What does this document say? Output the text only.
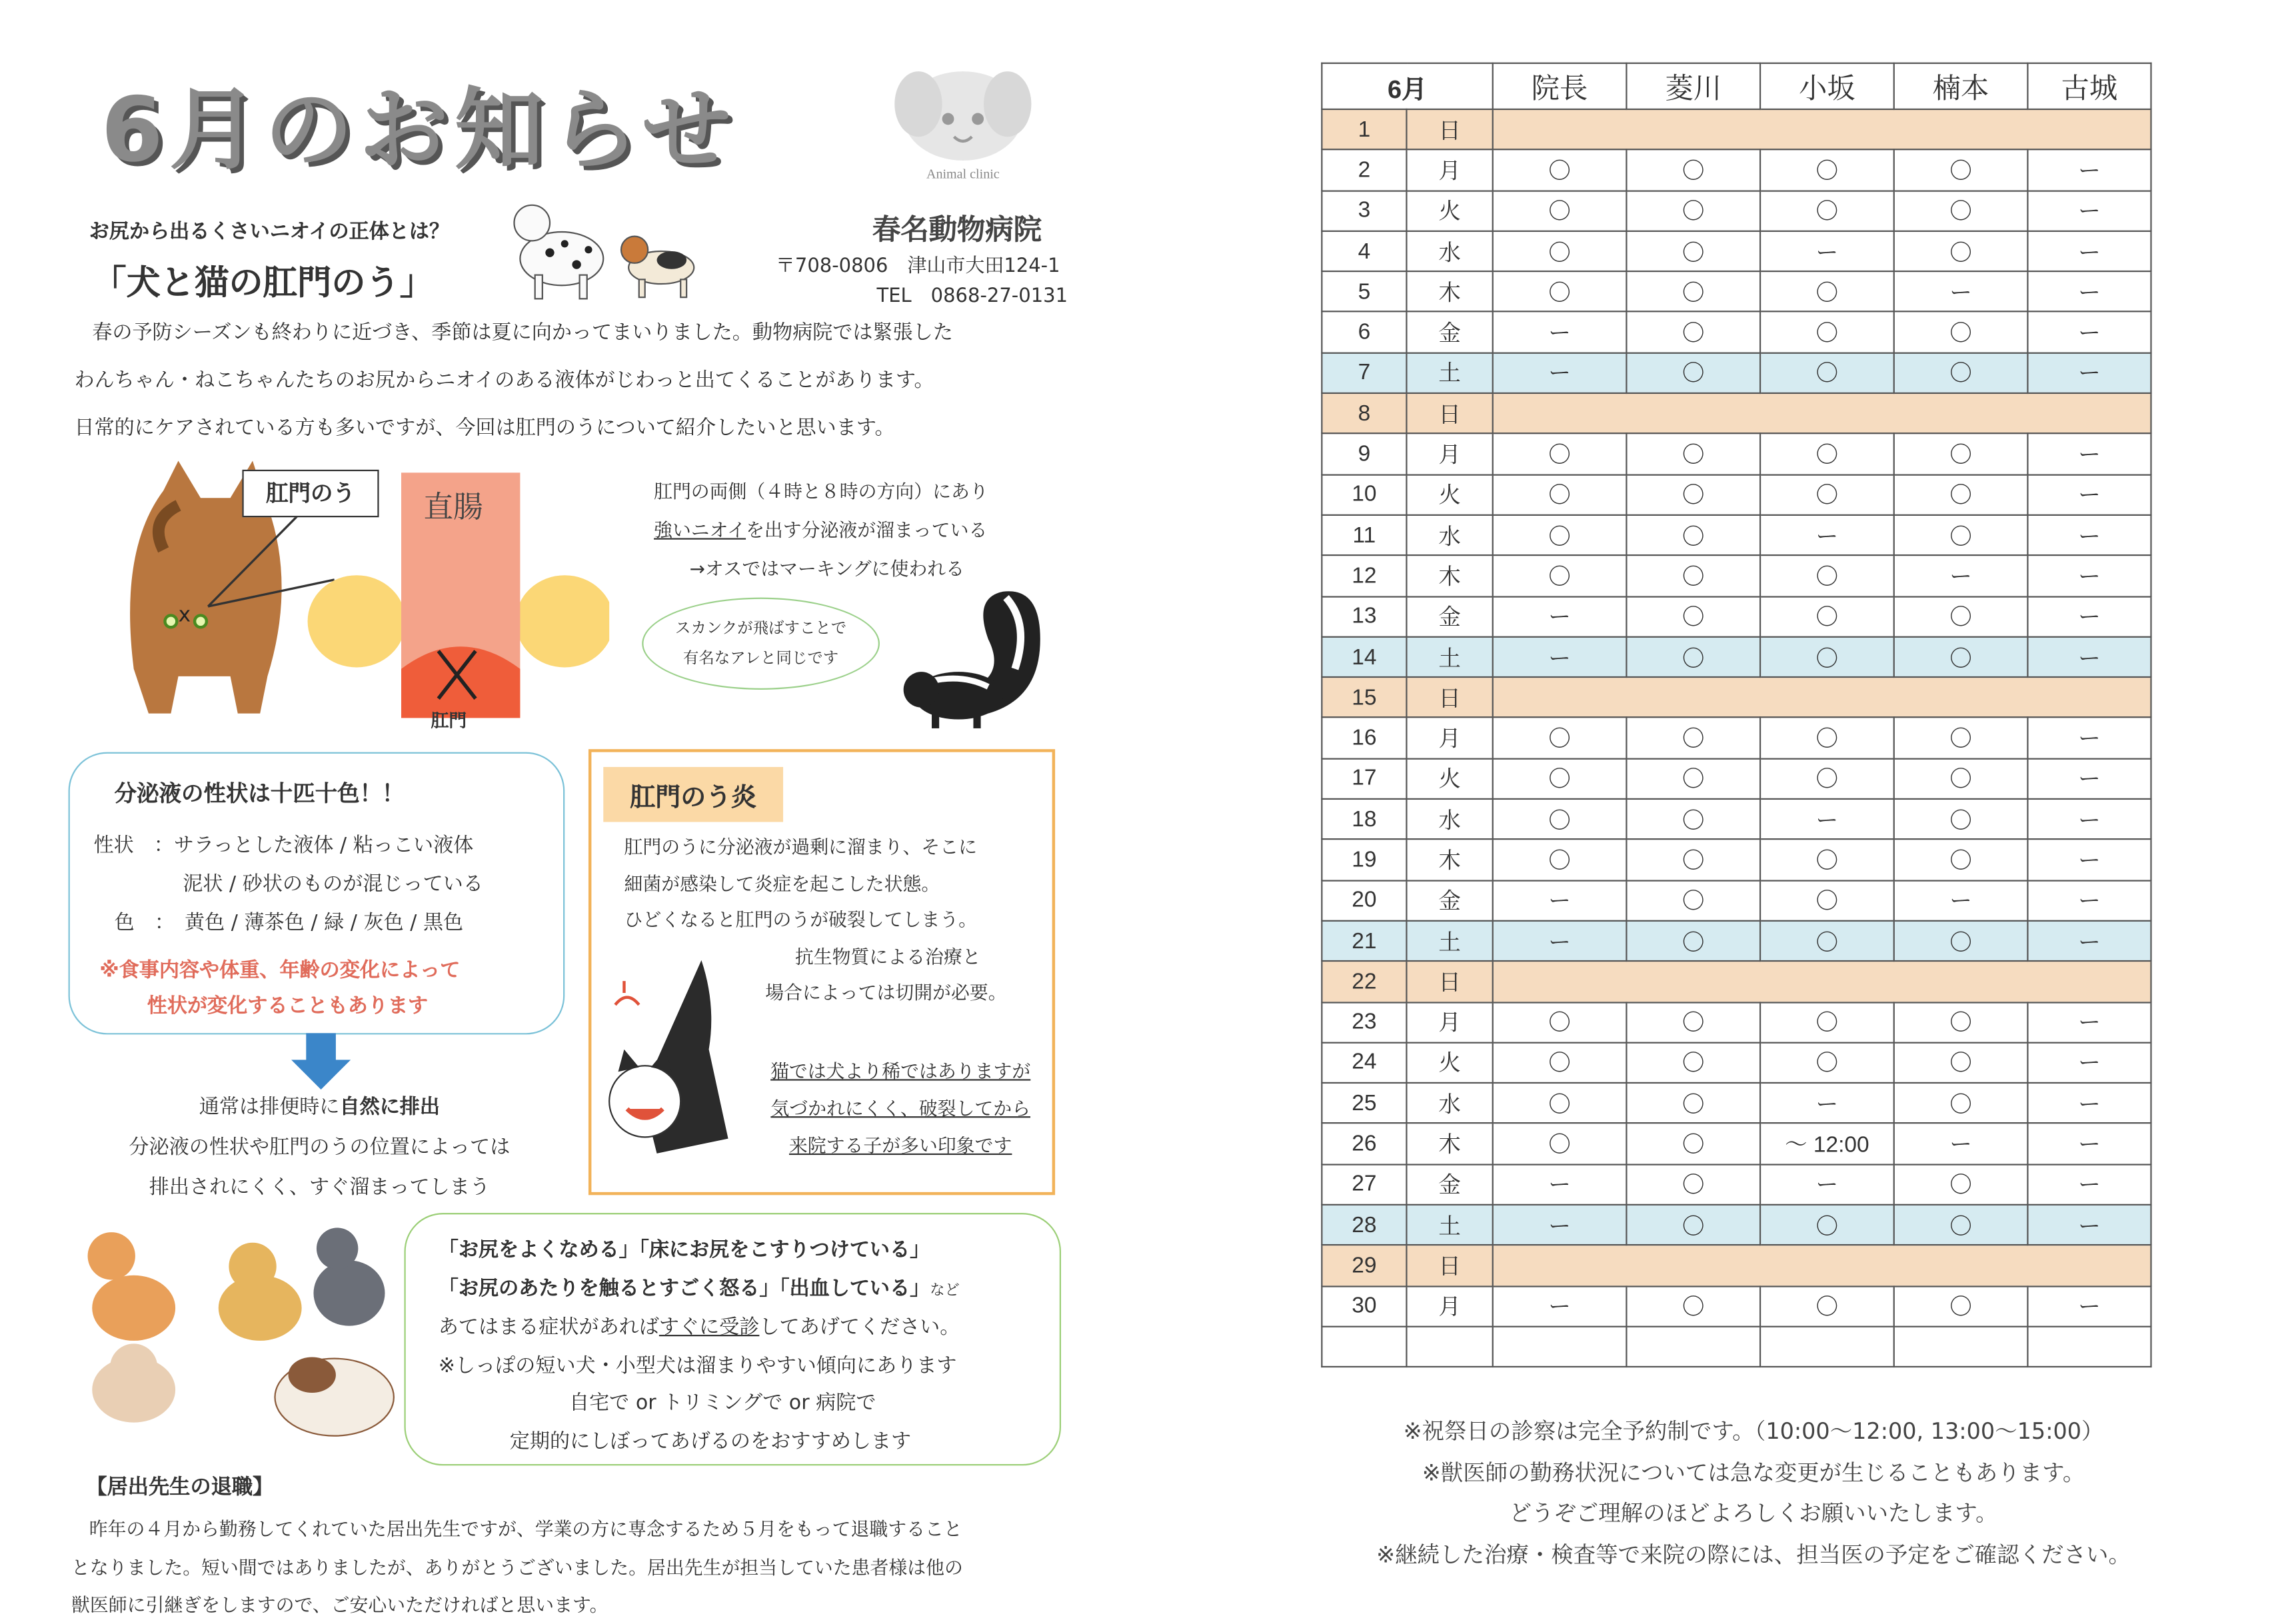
6月のお知らせ	Animal clinic
お尻から出るくさいニオイの正体とは？
「犬と猫の肛門のう」
春名動物病院
〒708-0806　津山市大田124-1
TEL　0868-27-0131
春の予防シーズンも終わりに近づき、季節は夏に向かってまいりました。動物病院では緊張した
わんちゃん・ねこちゃんたちのお尻からニオイのある液体がじわっと出てくることがあります。
日常的にケアされている方も多いですが、今回は肛門のうについて紹介したいと思います。
x
肛門のう	直腸
肛門
肛門の両側（４時と８時の方向）にあり
強いニオイを出す分泌液が溜まっている
→オスではマーキングに使われる
スカンクが飛ばすことで
有名なアレと同じです
分泌液の性状は十匹十色！！
性状　：サラっとした液体 / 粘っこい液体
泥状 / 砂状のものが混じっている
色　：　黄色 / 薄茶色 / 緑 / 灰色 / 黒色
※食事内容や体重、年齢の変化によって
性状が変化することもあります
通常は排便時に自然に排出
分泌液の性状や肛門のうの位置によっては
排出されにくく、すぐ溜まってしまう
肛門のう炎
肛門のうに分泌液が過剰に溜まり、そこに
細菌が感染して炎症を起こした状態。
ひどくなると肛門のうが破裂してしまう。
抗生物質による治療と
場合によっては切開が必要。
猫では犬より稀ではありますが
気づかれにくく、破裂してから
来院する子が多い印象です
「お尻をよくなめる」「床にお尻をこすりつけている」
「お尻のあたりを触るとすごく怒る」「出血している」など
あてはまる症状があればすぐに受診してあげてください。
※しっぽの短い犬・小型犬は溜まりやすい傾向にあります
自宅で or トリミングで or 病院で
定期的にしぼってあげるのをおすすめします
【居出先生の退職】
昨年の４月から勤務してくれていた居出先生ですが、学業の方に専念するため５月をもって退職すること
となりました。短い間ではありましたが、ありがとうございました。居出先生が担当していた患者様は他の
獣医師に引継ぎをしますので、ご安心いただければと思います。
6月		院長	菱川	小坂	楠本	古城
1	日					
2	月	〇	〇	〇	〇	ー
3	火	〇	〇	〇	〇	ー
4	水	〇	〇	ー	〇	ー
5	木	〇	〇	〇	ー	ー
6	金	ー	〇	〇	〇	ー
7	土	ー	〇	〇	〇	ー
8	日					
9	月	〇	〇	〇	〇	ー
10	火	〇	〇	〇	〇	ー
11	水	〇	〇	ー	〇	ー
12	木	〇	〇	〇	ー	ー
13	金	ー	〇	〇	〇	ー
14	土	ー	〇	〇	〇	ー
15	日					
16	月	〇	〇	〇	〇	ー
17	火	〇	〇	〇	〇	ー
18	水	〇	〇	ー	〇	ー
19	木	〇	〇	〇	〇	ー
20	金	ー	〇	〇	ー	ー
21	土	ー	〇	〇	〇	ー
22	日					
23	月	〇	〇	〇	〇	ー
24	火	〇	〇	〇	〇	ー
25	水	〇	〇	ー	〇	ー
26	木	〇	〇	～ 12:00	ー	ー
27	金	ー	〇	ー	〇	ー
28	土	ー	〇	〇	〇	ー
29	日					
30	月	ー	〇	〇	〇	ー

※祝祭日の診察は完全予約制です。（10:00～12:00, 13:00～15:00）
※獣医師の勤務状況については急な変更が生じることもあります。
どうぞご理解のほどよろしくお願いいたします。
※継続した治療・検査等で来院の際には、担当医の予定をご確認ください。
